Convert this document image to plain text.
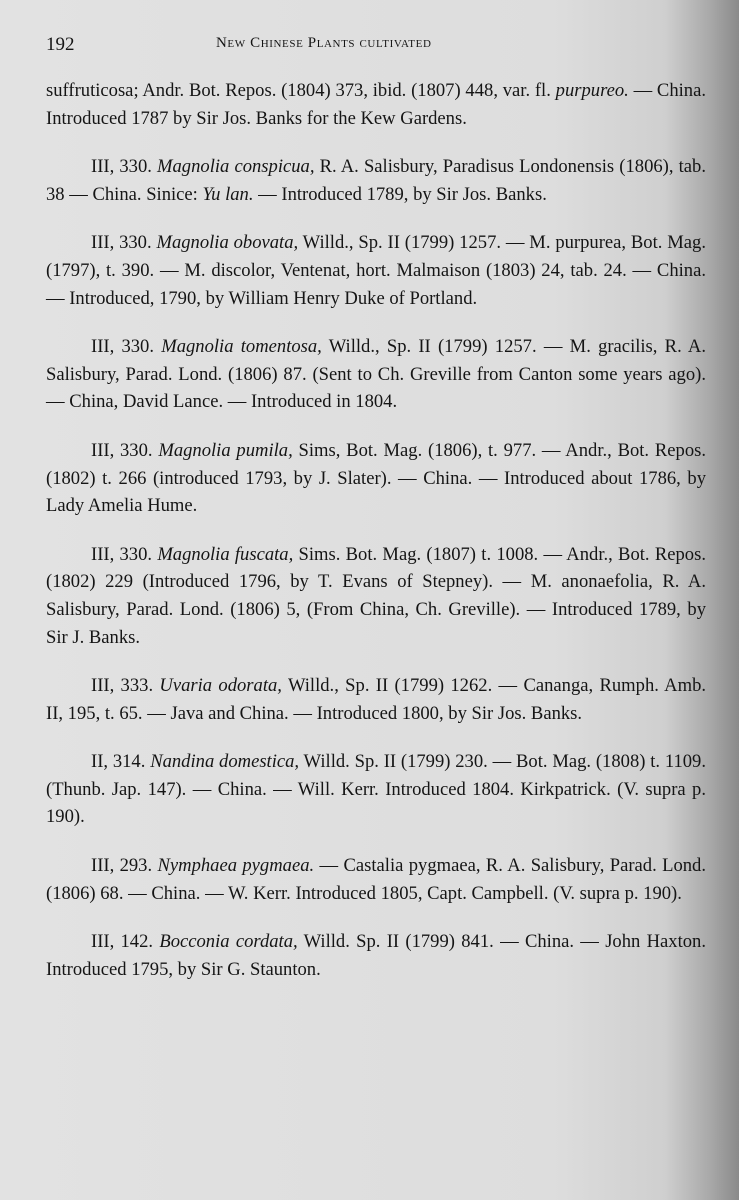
192	New Chinese Plants cultivated

suffruticosa; Andr. Bot. Repos. (1804) 373, ibid. (1807) 448, var. fl. purpureo. — China. Introduced 1787 by Sir Jos. Banks for the Kew Gardens.

III, 330. Magnolia conspicua, R. A. Salisbury, Paradisus Londonensis (1806), tab. 38 — China. Sinice: Yu lan. — Introduced 1789, by Sir Jos. Banks.

III, 330. Magnolia obovata, Willd., Sp. II (1799) 1257. — M. purpurea, Bot. Mag. (1797), t. 390. — M. discolor, Ventenat, hort. Malmaison (1803) 24, tab. 24. — China. — Introduced, 1790, by William Henry Duke of Portland.

III, 330. Magnolia tomentosa, Willd., Sp. II (1799) 1257. — M. gracilis, R. A. Salisbury, Parad. Lond. (1806) 87. (Sent to Ch. Greville from Canton some years ago). — China, David Lance. — Introduced in 1804.

III, 330. Magnolia pumila, Sims, Bot. Mag. (1806), t. 977. — Andr., Bot. Repos. (1802) t. 266 (introduced 1793, by J. Slater). — China. — Introduced about 1786, by Lady Amelia Hume.

III, 330. Magnolia fuscata, Sims. Bot. Mag. (1807) t. 1008. — Andr., Bot. Repos. (1802) 229 (Introduced 1796, by T. Evans of Stepney). — M. anonaefolia, R. A. Salisbury, Parad. Lond. (1806) 5, (From China, Ch. Greville). — Introduced 1789, by Sir J. Banks.

III, 333. Uvaria odorata, Willd., Sp. II (1799) 1262. — Cananga, Rumph. Amb. II, 195, t. 65. — Java and China. — Introduced 1800, by Sir Jos. Banks.

II, 314. Nandina domestica, Willd. Sp. II (1799) 230. — Bot. Mag. (1808) t. 1109. (Thunb. Jap. 147). — China. — Will. Kerr. Introduced 1804. Kirkpatrick. (V. supra p. 190).

III, 293. Nymphaea pygmaea. — Castalia pygmaea, R. A. Salisbury, Parad. Lond. (1806) 68. — China. — W. Kerr. Introduced 1805, Capt. Campbell. (V. supra p. 190).

III, 142. Bocconia cordata, Willd. Sp. II (1799) 841. — China. — John Haxton. Introduced 1795, by Sir G. Staunton.
